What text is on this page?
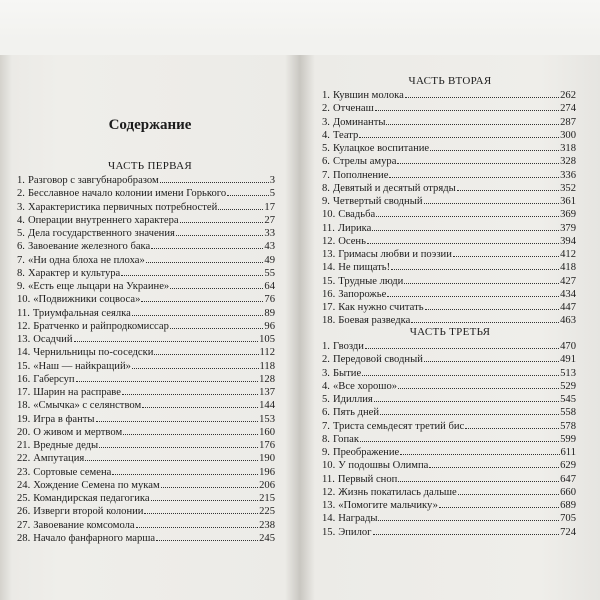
Содержание
ЧАСТЬ ПЕРВАЯ
1. Разговор с завгубнаробразом	3
2. Бесславное начало колонии имени Горького	5
3. Характеристика первичных потребностей	17
4. Операции внутреннего характера	27
5. Дела государственного значения	33
6. Завоевание железного бака	43
7. «Ни одна блоха не плоха»	49
8. Характер и культура	55
9. «Есть еще лыцари на Украине»	64
10. «Подвижники соцвоса»	76
11. Триумфальная сеялка	89
12. Братченко и райпродкомиссар	96
13. Осадчий	105
14. Чернильницы по-соседски	112
15. «Наш — найкращий»	118
16. Габерсуп	128
17. Шарин на расправе	137
18. «Смычка» с селянством	144
19. Игра в фанты	153
20. О живом и мертвом	160
21. Вредные деды	176
22. Ампутация	190
23. Сортовые семена	196
24. Хождение Семена по мукам	206
25. Командирская педагогика	215
26. Изверги второй колонии	225
27. Завоевание комсомола	238
28. Начало фанфарного марша	245
ЧАСТЬ ВТОРАЯ
1. Кувшин молока	262
2. Отченаш	274
3. Доминанты	287
4. Театр	300
5. Кулацкое воспитание	318
6. Стрелы амура	328
7. Пополнение	336
8. Девятый и десятый отряды	352
9. Четвертый сводный	361
10. Свадьба	369
11. Лирика	379
12. Осень	394
13. Гримасы любви и поэзии	412
14. Не пищать!	418
15. Трудные люди	427
16. Запорожье	434
17. Как нужно считать	447
18. Боевая разведка	463
ЧАСТЬ ТРЕТЬЯ
1. Гвозди	470
2. Передовой сводный	491
3. Бытие	513
4. «Все хорошо»	529
5. Идиллия	545
6. Пять дней	558
7. Триста семьдесят третий бис	578
8. Гопак	599
9. Преображение	611
10. У подошвы Олимпа	629
11. Первый сноп	647
12. Жизнь покатилась дальше	660
13. «Помогите мальчику»	689
14. Награды	705
15. Эпилог	724
